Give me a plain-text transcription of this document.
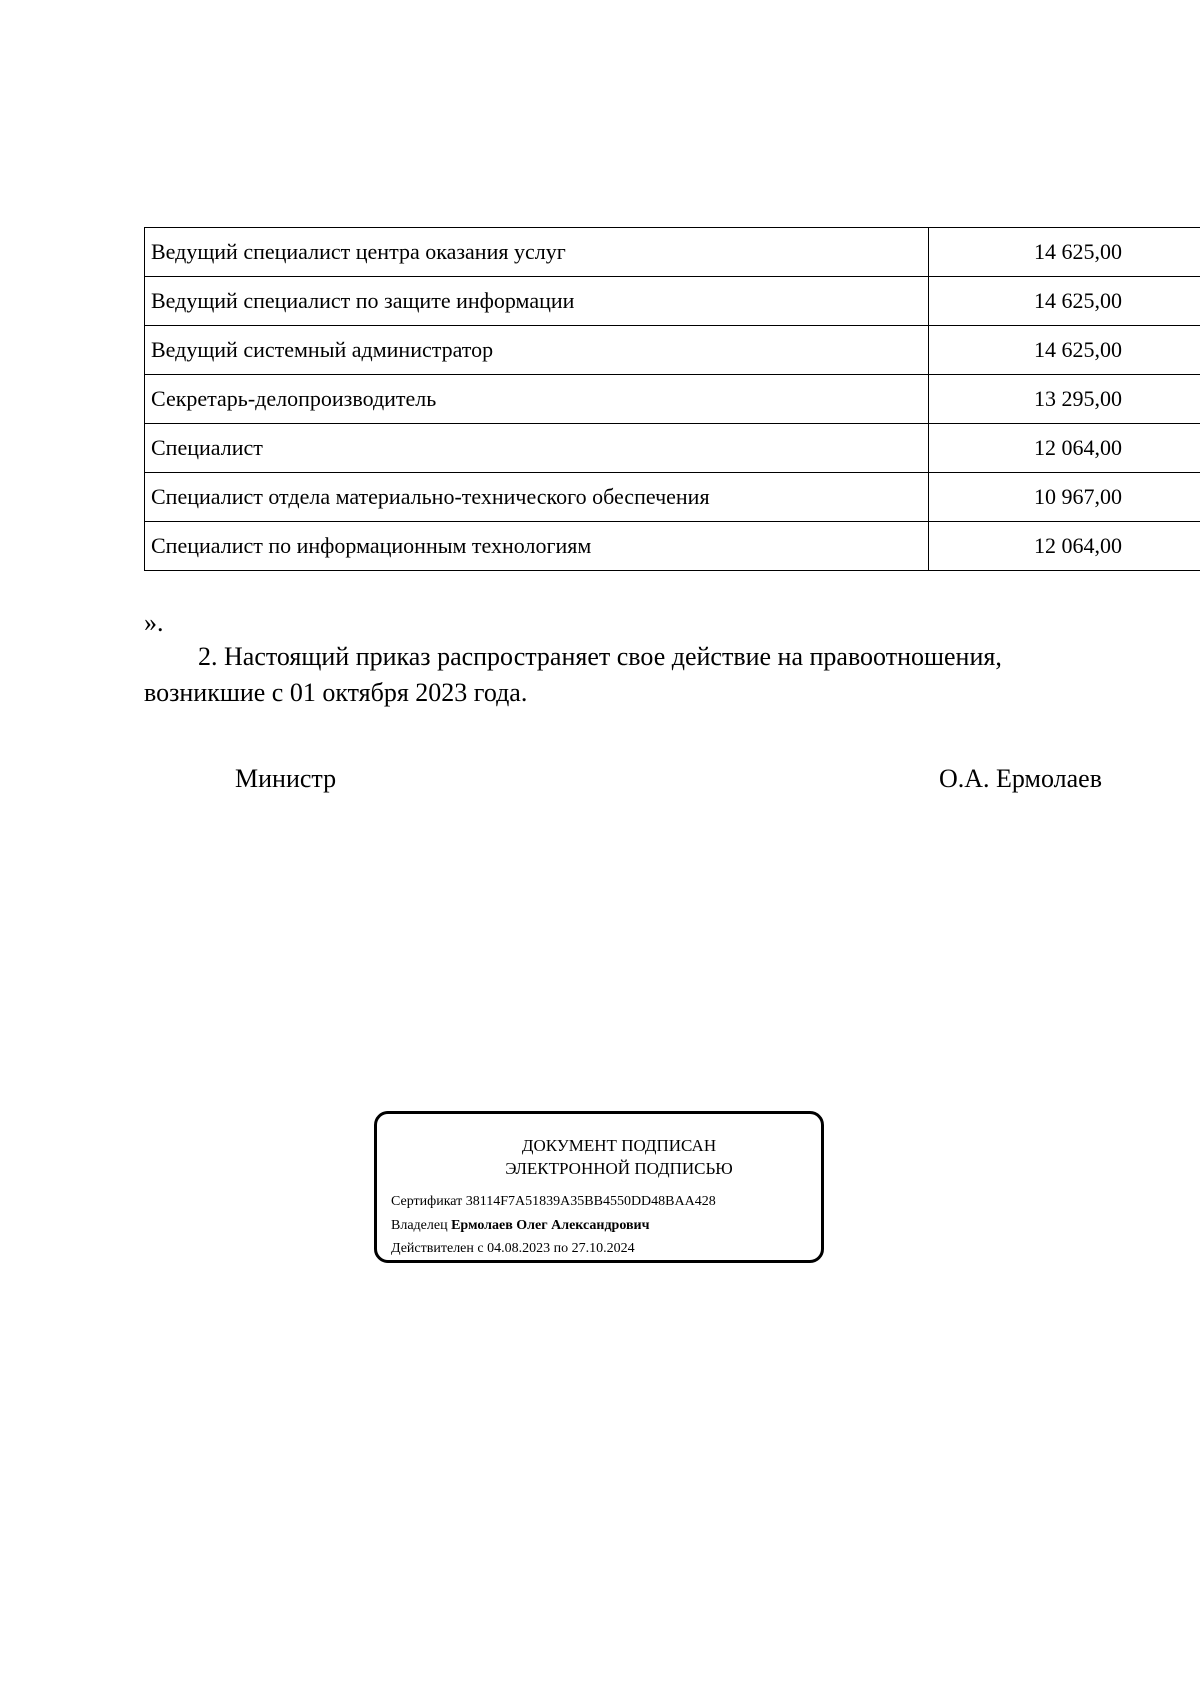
Ведущий специалист центра оказания услуг	14 625,00
Ведущий специалист по защите информации	14 625,00
Ведущий системный администратор	14 625,00
Секретарь-делопроизводитель	13 295,00
Специалист	12 064,00
Специалист отдела материально-технического обеспечения	10 967,00
Специалист по информационным технологиям	12 064,00
».
2. Настоящий приказ распространяет свое действие на правоотношения, возникшие с 01 октября 2023 года.
Министр	О.А. Ермолаев
ДОКУМЕНТ ПОДПИСАН
ЭЛЕКТРОННОЙ ПОДПИСЬЮ
Сертификат 38114F7A51839A35BB4550DD48BAA428
Владелец Ермолаев Олег Александрович
Действителен с 04.08.2023 по 27.10.2024
